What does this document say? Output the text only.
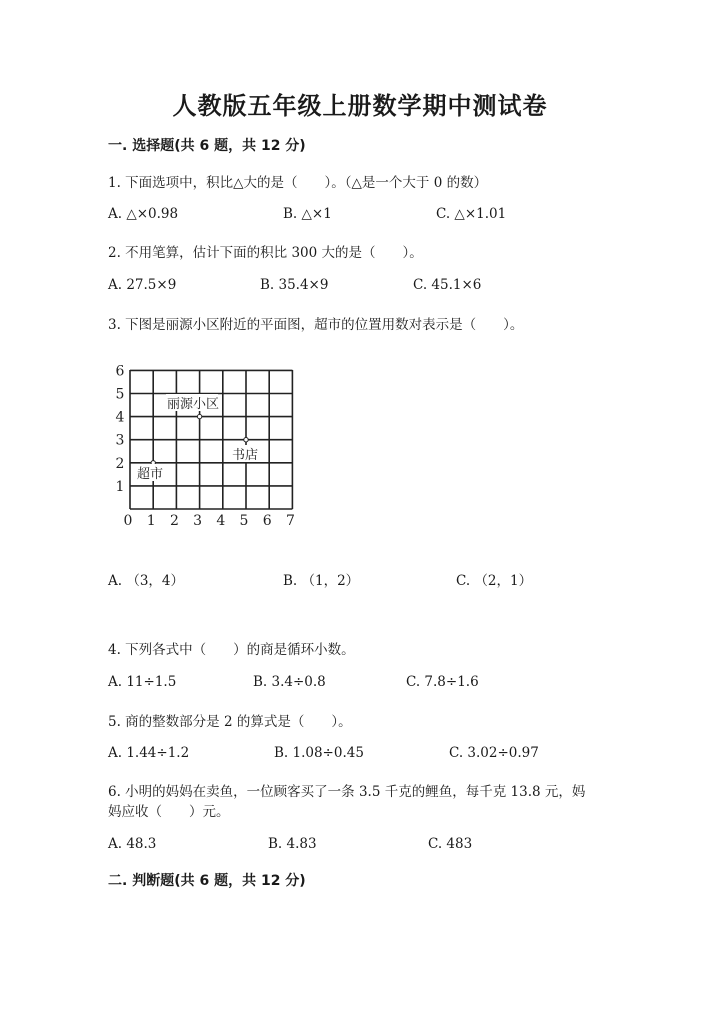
人教版五年级上册数学期中测试卷
一. 选择题(共 6 题，共 12 分)
1. 下面选项中，积比△大的是（　　）。（△是一个大于 0 的数）
A. △×0.98	B. △×1	C. △×1.01
2. 不用笔算，估计下面的积比 300 大的是（　　）。
A. 27.5×9	B. 35.4×9	C. 45.1×6
3. 下图是丽源小区附近的平面图，超市的位置用数对表示是（　　）。
丽源小区
书店
超市
0 1 2 3 4 5 6 7
1
2
3
4
5
6
A. （3，4）	B. （1，2）	C. （2，1）
4. 下列各式中（　　）的商是循环小数。
A. 11÷1.5	B. 3.4÷0.8	C. 7.8÷1.6
5. 商的整数部分是 2 的算式是（　　）。
A. 1.44÷1.2	B. 1.08÷0.45	C. 3.02÷0.97
6. 小明的妈妈在卖鱼，一位顾客买了一条 3.5 千克的鲤鱼，每千克 13.8 元，妈
妈应收（　　）元。
A. 48.3	B. 4.83	C. 483
二. 判断题(共 6 题，共 12 分)
